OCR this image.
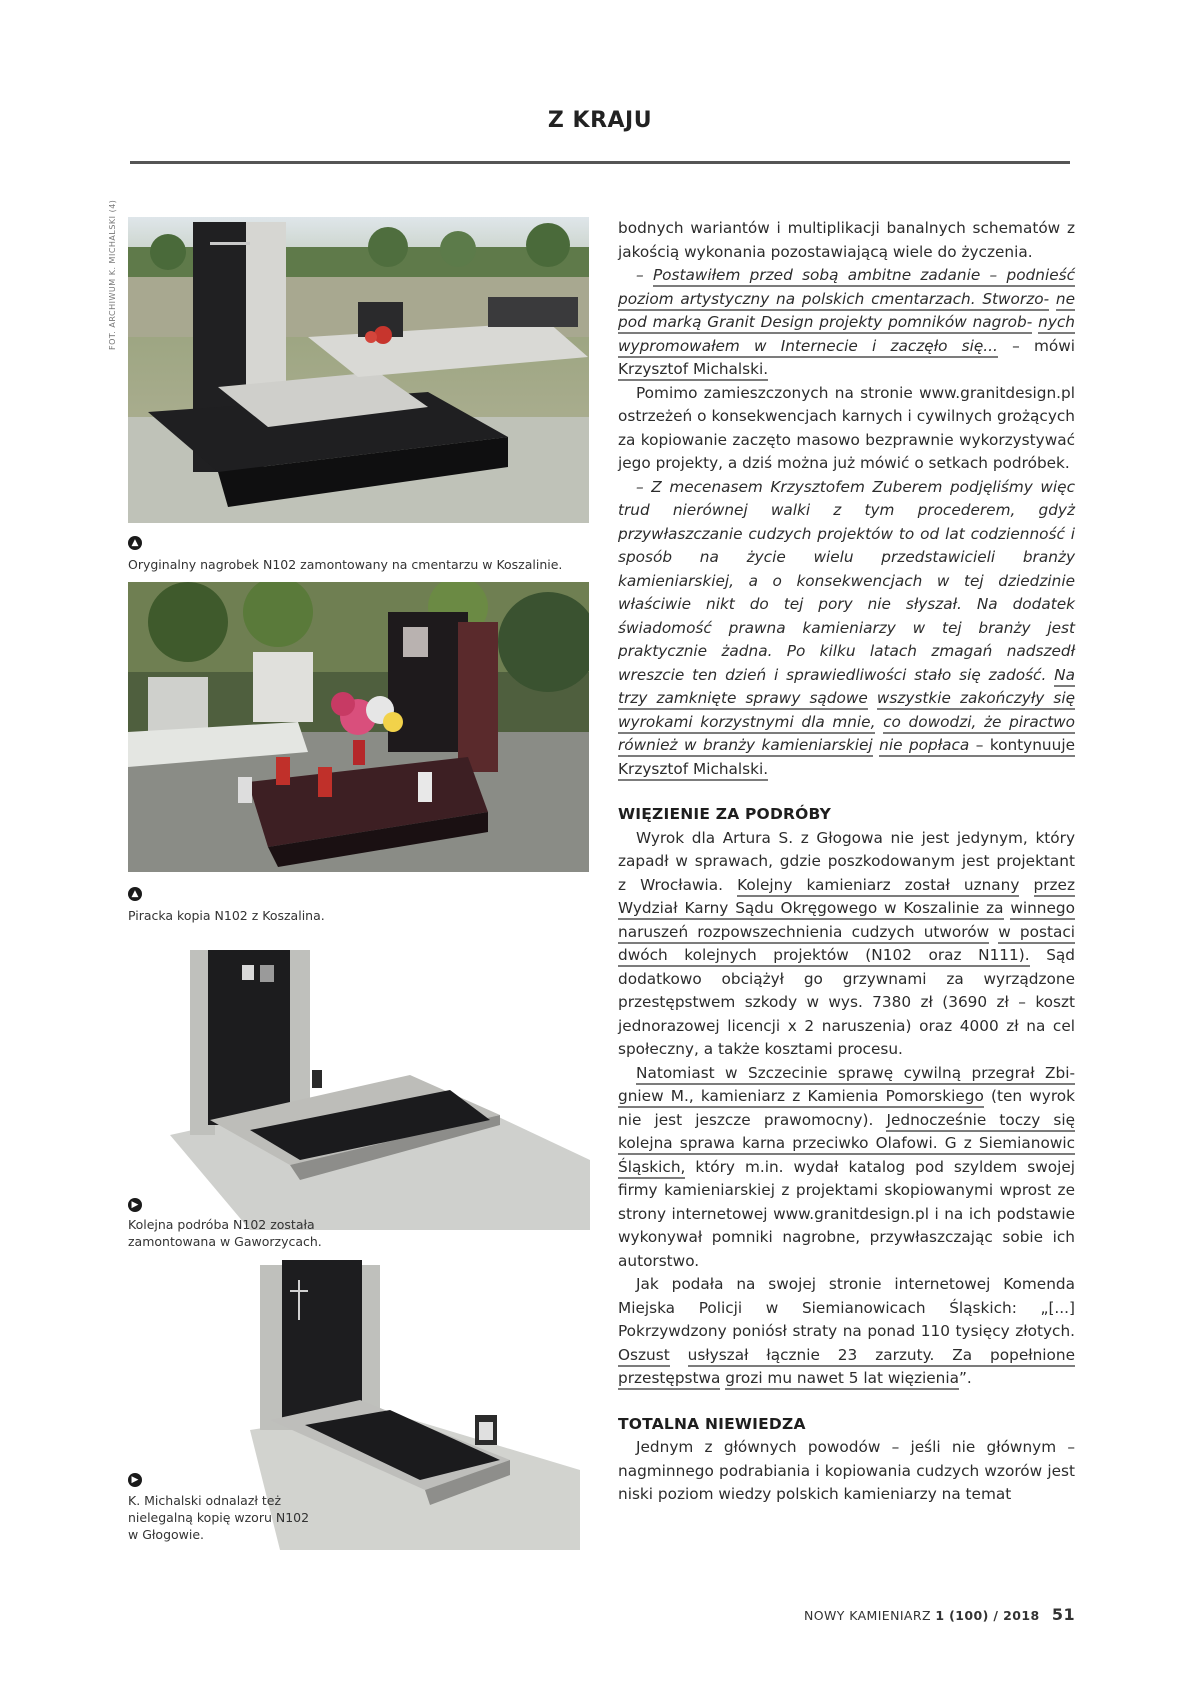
Z KRAJU
FOT. ARCHIWUM K. MICHALSKI (4)
▲
Oryginalny nagrobek N102 zamontowany na cmentarzu w Koszalinie.
▲
Piracka kopia N102 z Koszalina.
▶
Kolejna podróba N102 została
zamontowana w Gaworzycach.
▶
K. Michalski odnalazł też
nielegalną kopię wzoru N102
w Głogowie.

bodnych wariantów i multiplikacji banalnych schematów z jakością wykonania pozostawiającą wiele do życzenia.

– Postawiłem przed sobą ambitne zadanie – podnieść poziom artystyczny na polskich cmentarzach. Stworzo- ne pod marką Granit Design projekty pomników nagrob- nych wypromowałem w Internecie i zaczęło się... – mówi Krzysztof Michalski.

Pomimo zamieszczonych na stronie www.granitdesign.pl ostrzeżeń o konsekwencjach karnych i cywilnych grożących za kopiowanie zaczęto masowo bezprawnie wykorzystywać jego projekty, a dziś można już mówić o setkach podróbek.

– Z mecenasem Krzysztofem Zuberem podjęliśmy więc trud nierównej walki z tym procederem, gdyż przywłaszczanie cudzych projektów to od lat codzienność i sposób na życie wielu przedstawicieli branży kamieniarskiej, a o konsekwencjach w tej dziedzinie właściwie nikt do tej pory nie słyszał. Na dodatek świadomość prawna kamieniarzy w tej branży jest praktycznie żadna. Po kilku latach zmagań nadszedł wreszcie ten dzień i sprawiedliwości stało się zadość. Na trzy zamknięte sprawy sądowe wszystkie zakończyły się wyrokami korzystnymi dla mnie, co dowodzi, że piractwo również w branży kamieniarskiej nie popłaca – kontynuuje Krzysztof Michalski.

WIĘZIENIE ZA PODRÓBY

Wyrok dla Artura S. z Głogowa nie jest jedynym, który zapadł w sprawach, gdzie poszkodowanym jest projektant z Wrocławia. Kolejny kamieniarz został uznany przez Wydział Karny Sądu Okręgowego w Koszalinie za winnego naruszeń rozpowszechnienia cudzych utworów w postaci dwóch kolejnych projektów (N102 oraz N111). Sąd dodatkowo obciążył go grzywnami za wyrządzone przestępstwem szkody w wys. 7380 zł (3690 zł – koszt jednorazowej licencji x 2 naruszenia) oraz 4000 zł na cel społeczny, a także kosztami procesu.

Natomiast w Szczecinie sprawę cywilną przegrał Zbi- gniew M., kamieniarz z Kamienia Pomorskiego (ten wyrok nie jest jeszcze prawomocny). Jednocześnie toczy się kolejna sprawa karna przeciwko Olafowi. G z Siemianowic Śląskich, który m.in. wydał katalog pod szyldem swojej firmy kamieniarskiej z projektami skopiowanymi wprost ze strony internetowej www.granitdesign.pl i na ich podstawie wykonywał pomniki nagrobne, przywłaszczając sobie ich autorstwo.

Jak podała na swojej stronie internetowej Komenda Miejska Policji w Siemianowicach Śląskich: „[...] Pokrzywdzony poniósł straty na ponad 110 tysięcy złotych. Oszust usłyszał łącznie 23 zarzuty. Za popełnione przestępstwa grozi mu nawet 5 lat więzienia”.

TOTALNA NIEWIEDZA

Jednym z głównych powodów – jeśli nie głównym – nagminnego podrabiania i kopiowania cudzych wzorów jest niski poziom wiedzy polskich kamieniarzy na temat

NOWY KAMIENIARZ 1 (100) / 2018 51
